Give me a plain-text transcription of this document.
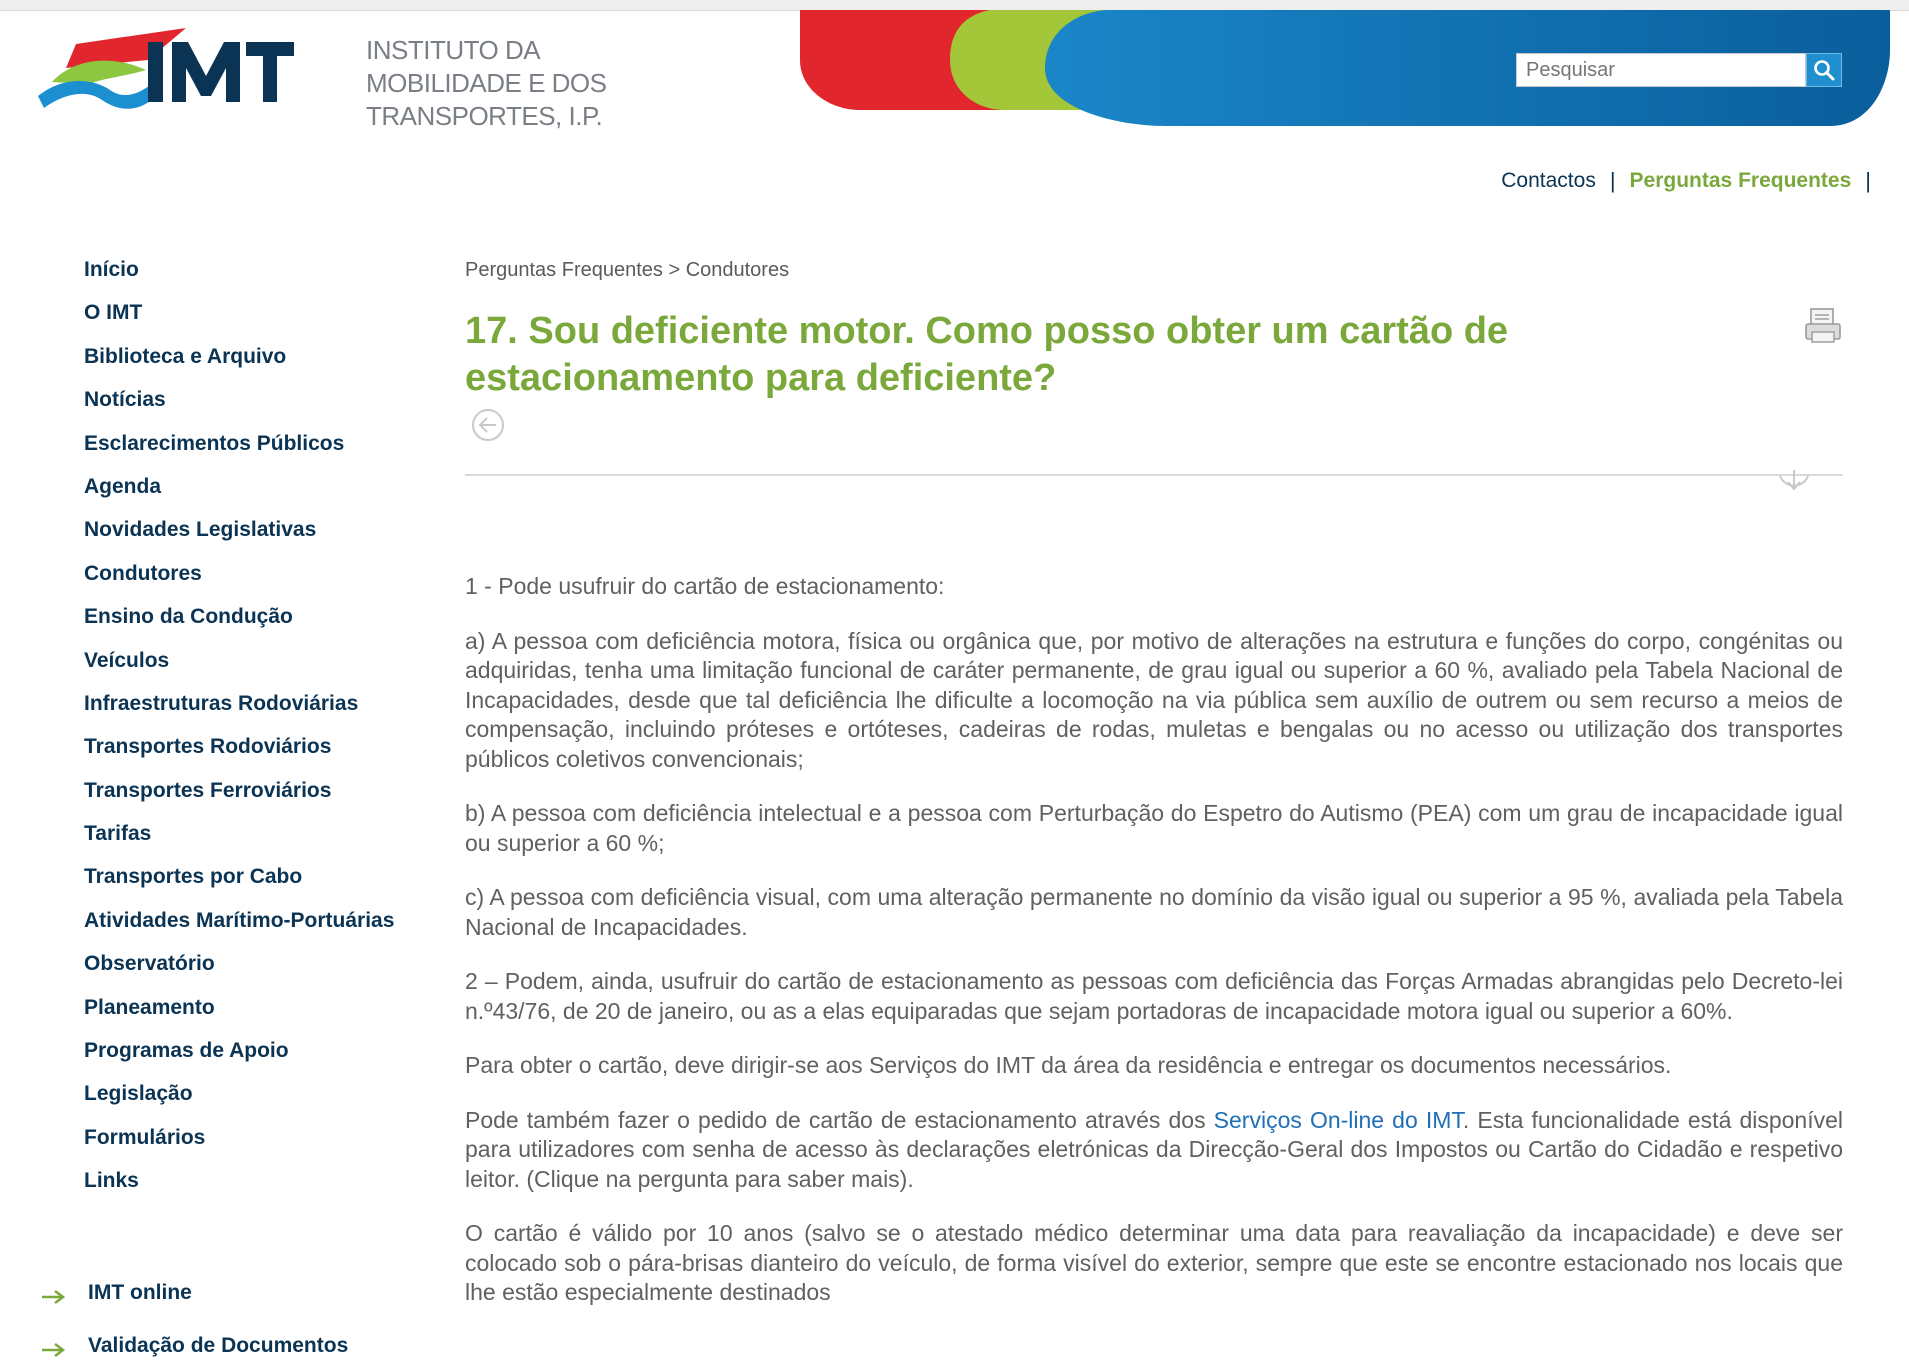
INSTITUTO DA
MOBILIDADE E DOS
TRANSPORTES, I.P.
Pesquisar
Contactos | Perguntas Frequentes |
Início
O IMT
Biblioteca e Arquivo
Notícias
Esclarecimentos Públicos
Agenda
Novidades Legislativas
Condutores
Ensino da Condução
Veículos
Infraestruturas Rodoviárias
Transportes Rodoviários
Transportes Ferroviários
Tarifas
Transportes por Cabo
Atividades Marítimo-Portuárias
Observatório
Planeamento
Programas de Apoio
Legislação
Formulários
Links
IMT online
Validação de Documentos
Perguntas Frequentes > Condutores
17. Sou deficiente motor. Como posso obter um cartão de estacionamento para deficiente?

1 - Pode usufruir do cartão de estacionamento:

a) A pessoa com deficiência motora, física ou orgânica que, por motivo de alterações na estrutura e funções do corpo, congénitas ou adquiridas, tenha uma limitação funcional de caráter permanente, de grau igual ou superior a 60 %, avaliado pela Tabela Nacional de Incapacidades, desde que tal deficiência lhe dificulte a locomoção na via pública sem auxílio de outrem ou sem recurso a meios de compensação, incluindo próteses e ortóteses, cadeiras de rodas, muletas e bengalas ou no acesso ou utilização dos transportes públicos coletivos convencionais;

b) A pessoa com deficiência intelectual e a pessoa com Perturbação do Espetro do Autismo (PEA) com um grau de incapacidade igual ou superior a 60 %;

c) A pessoa com deficiência visual, com uma alteração permanente no domínio da visão igual ou superior a 95 %, avaliada pela Tabela Nacional de Incapacidades.

2 – Podem, ainda, usufruir do cartão de estacionamento as pessoas com deficiência das Forças Armadas abrangidas pelo Decreto-lei n.º43/76, de 20 de janeiro, ou as a elas equiparadas que sejam portadoras de incapacidade motora igual ou superior a 60%.

Para obter o cartão, deve dirigir-se aos Serviços do IMT da área da residência e entregar os documentos necessários.

Pode também fazer o pedido de cartão de estacionamento através dos Serviços On-line do IMT. Esta funcionalidade está disponível para utilizadores com senha de acesso às declarações eletrónicas da Direcção-Geral dos Impostos ou Cartão do Cidadão e respetivo leitor. (Clique na pergunta para saber mais).

O cartão é válido por 10 anos (salvo se o atestado médico determinar uma data para reavaliação da incapacidade) e deve ser colocado sob o pára-brisas dianteiro do veículo, de forma visível do exterior, sempre que este se encontre estacionado nos locais que lhe estão especialmente destinados
